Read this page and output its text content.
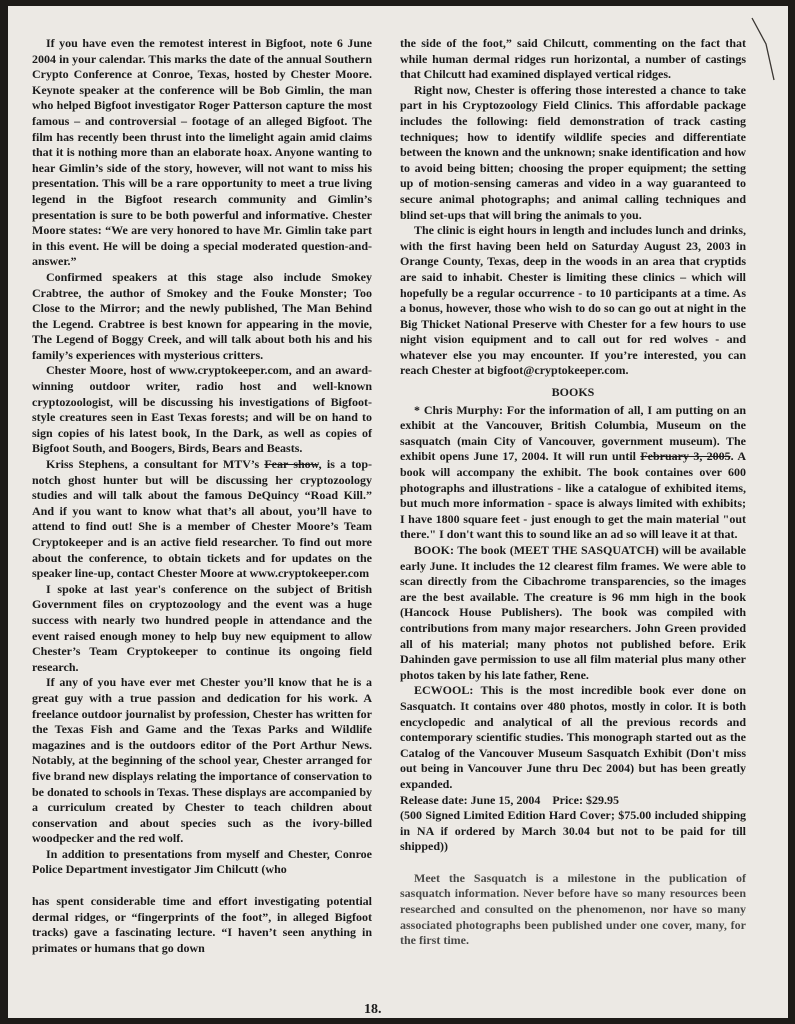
If you have even the remotest interest in Bigfoot, note 6 June 2004 in your calendar. This marks the date of the annual Southern Crypto Conference at Conroe, Texas, hosted by Chester Moore. Keynote speaker at the conference will be Bob Gimlin, the man who helped Bigfoot investigator Roger Patterson capture the most famous – and controversial – footage of an alleged Bigfoot. The film has recently been thrust into the limelight again amid claims that it is nothing more than an elaborate hoax. Anyone wanting to hear Gimlin’s side of the story, however, will not want to miss his presentation. This will be a rare opportunity to meet a true living legend in the Bigfoot research community and Gimlin’s presentation is sure to be both powerful and informative. Chester Moore states: “We are very honored to have Mr. Gimlin take part in this event. He will be doing a special moderated question-and-answer.”

Confirmed speakers at this stage also include Smokey Crabtree, the author of Smokey and the Fouke Monster; Too Close to the Mirror; and the newly published, The Man Behind the Legend. Crabtree is best known for appearing in the movie, The Legend of Boggy Creek, and will talk about both his and his family’s experiences with mysterious critters.

Chester Moore, host of www.cryptokeeper.com, and an award-winning outdoor writer, radio host and well-known cryptozoologist, will be discussing his investigations of Bigfoot-style creatures seen in East Texas forests; and will be on hand to sign copies of his latest book, In the Dark, as well as copies of Bigfoot South, and Boogers, Birds, Bears and Beasts.

Kriss Stephens, a consultant for MTV’s Fear show, is a top-notch ghost hunter but will be discussing her cryptozoology studies and will talk about the famous DeQuincy “Road Kill.” And if you want to know what that’s all about, you’ll have to attend to find out! She is a member of Chester Moore’s Team Cryptokeeper and is an active field researcher. To find out more about the conference, to obtain tickets and for updates on the speaker line-up, contact Chester Moore at www.cryptokeeper.com

I spoke at last year's conference on the subject of British Government files on cryptozoology and the event was a huge success with nearly two hundred people in attendance and the event raised enough money to help buy new equipment to allow Chester’s Team Cryptokeeper to continue its ongoing field research.

If any of you have ever met Chester you’ll know that he is a great guy with a true passion and dedication for his work. A freelance outdoor journalist by profession, Chester has written for the Texas Fish and Game and the Texas Parks and Wildlife magazines and is the outdoors editor of the Port Arthur News. Notably, at the beginning of the school year, Chester arranged for five brand new displays relating the importance of conservation to be donated to schools in Texas. These displays are accompanied by a curriculum created by Chester to teach children about conservation and about species such as the ivory-billed woodpecker and the red wolf.

In addition to presentations from myself and Chester, Conroe Police Department investigator Jim Chilcutt (who

has spent considerable time and effort investigating potential dermal ridges, or “fingerprints of the foot”, in alleged Bigfoot tracks) gave a fascinating lecture. “I haven’t seen anything in primates or humans that go down

the side of the foot,” said Chilcutt, commenting on the fact that while human dermal ridges run horizontal, a number of castings that Chilcutt had examined displayed vertical ridges.

Right now, Chester is offering those interested a chance to take part in his Cryptozoology Field Clinics. This affordable package includes the following: field demonstration of track casting techniques; how to identify wildlife species and differentiate between the known and the unknown; snake identification and how to avoid being bitten; choosing the proper equipment; the setting up of motion-sensing cameras and video in a way guaranteed to secure animal photographs; and animal calling techniques and blind set-ups that will bring the animals to you.

The clinic is eight hours in length and includes lunch and drinks, with the first having been held on Saturday August 23, 2003 in Orange County, Texas, deep in the woods in an area that cryptids are said to inhabit. Chester is limiting these clinics – which will hopefully be a regular occurrence - to 10 participants at a time. As a bonus, however, those who wish to do so can go out at night in the Big Thicket National Preserve with Chester for a few hours to use night vision equipment and to call out for red wolves - and whatever else you may encounter. If you’re interested, you can reach Chester at bigfoot@cryptokeeper.com.

BOOKS

* Chris Murphy: For the information of all, I am putting on an exhibit at the Vancouver, British Columbia, Museum on the sasquatch (main City of Vancouver, government museum). The exhibit opens June 17, 2004. It will run until February 3, 2005. A book will accompany the exhibit. The book containes over 600 photographs and illustrations - like a catalogue of exhibited items, but much more information - space is always limited with exhibits; I have 1800 square feet - just enough to get the main material "out there." I don't want this to sound like an ad so will leave it at that.

BOOK: The book (MEET THE SASQUATCH) will be available early June. It includes the 12 clearest film frames. We were able to scan directly from the Cibachrome transparencies, so the images are the best available. The creature is 96 mm high in the book (Hancock House Publishers). The book was compiled with contributions from many major researchers. John Green provided all of his material; many photos not published before. Erik Dahinden gave permission to use all film material plus many other photos taken by his late father, Rene.

ECWOOL: This is the most incredible book ever done on Sasquatch. It contains over 480 photos, mostly in color. It is both encyclopedic and analytical of all the previous records and contemporary scientific studies. This monograph started out as the Catalog of the Vancouver Museum Sasquatch Exhibit (Don't miss out being in Vancouver June thru Dec 2004) but has been greatly expanded.

Release date: June 15, 2004    Price: $29.95
(500 Signed Limited Edition Hard Cover; $75.00 included shipping in NA if ordered by March 30.04 but not to be paid for till shipped))

Meet the Sasquatch is a milestone in the publication of sasquatch information. Never before have so many resources been researched and consulted on the phenomenon, nor have so many associated photographs been published under one cover, many, for the first time.

18.
